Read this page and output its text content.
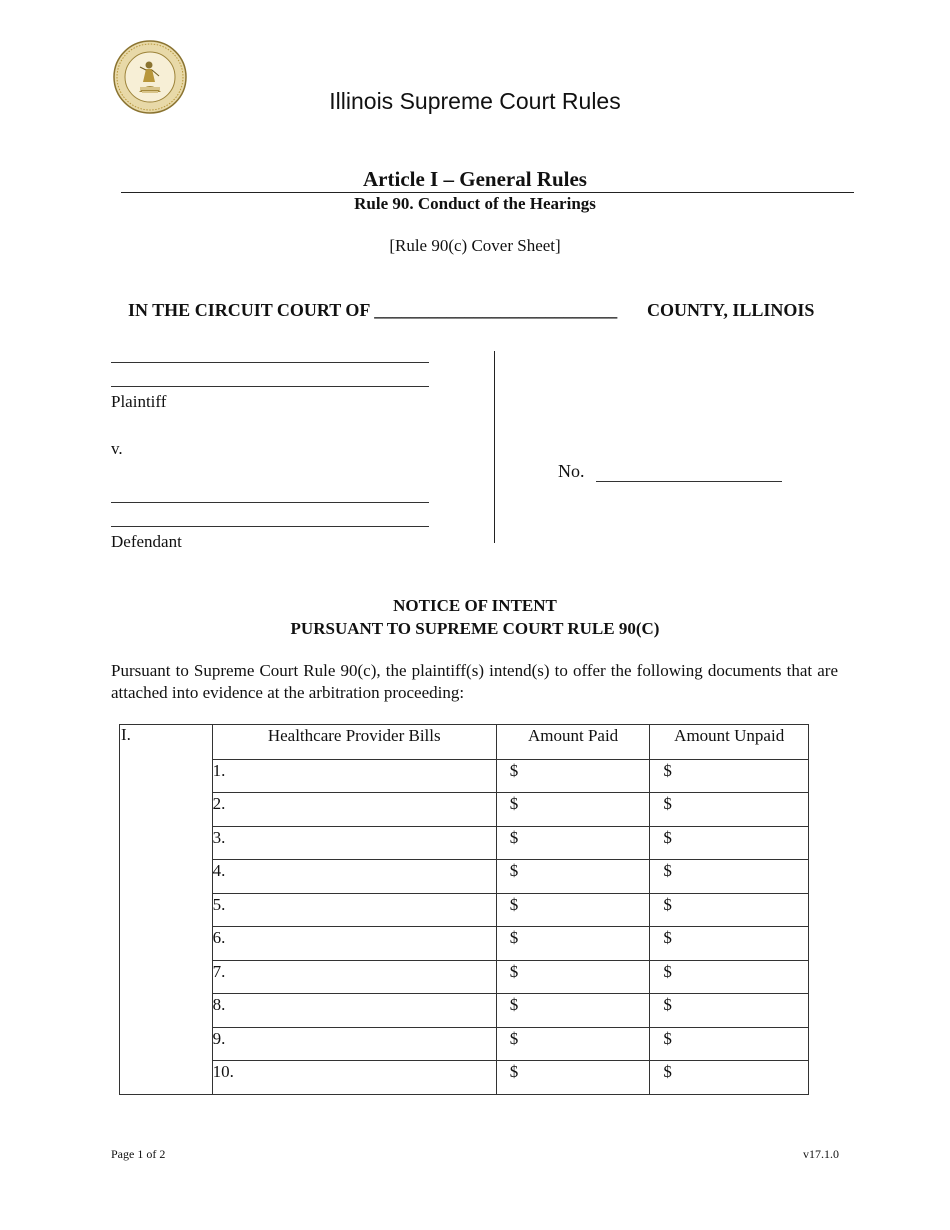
Illinois Supreme Court Rules
Article I – General Rules
Rule 90. Conduct of the Hearings
[Rule 90(c) Cover Sheet]
IN THE CIRCUIT COURT OF ___________________________ COUNTY, ILLINOIS
Plaintiff
v.
Defendant
No.
NOTICE OF INTENT
PURSUANT TO SUPREME COURT RULE 90(C)
Pursuant to Supreme Court Rule 90(c), the plaintiff(s) intend(s) to offer the following documents that are attached into evidence at the arbitration proceeding:
I.	Healthcare Provider Bills	Amount Paid	Amount Unpaid

	1.	$	$

	2.	$	$

	3.	$	$

	4.	$	$

	5.	$	$

	6.	$	$

	7.	$	$

	8.	$	$

	9.	$	$

	10.	$	$
Page 1 of 2	v17.1.0
